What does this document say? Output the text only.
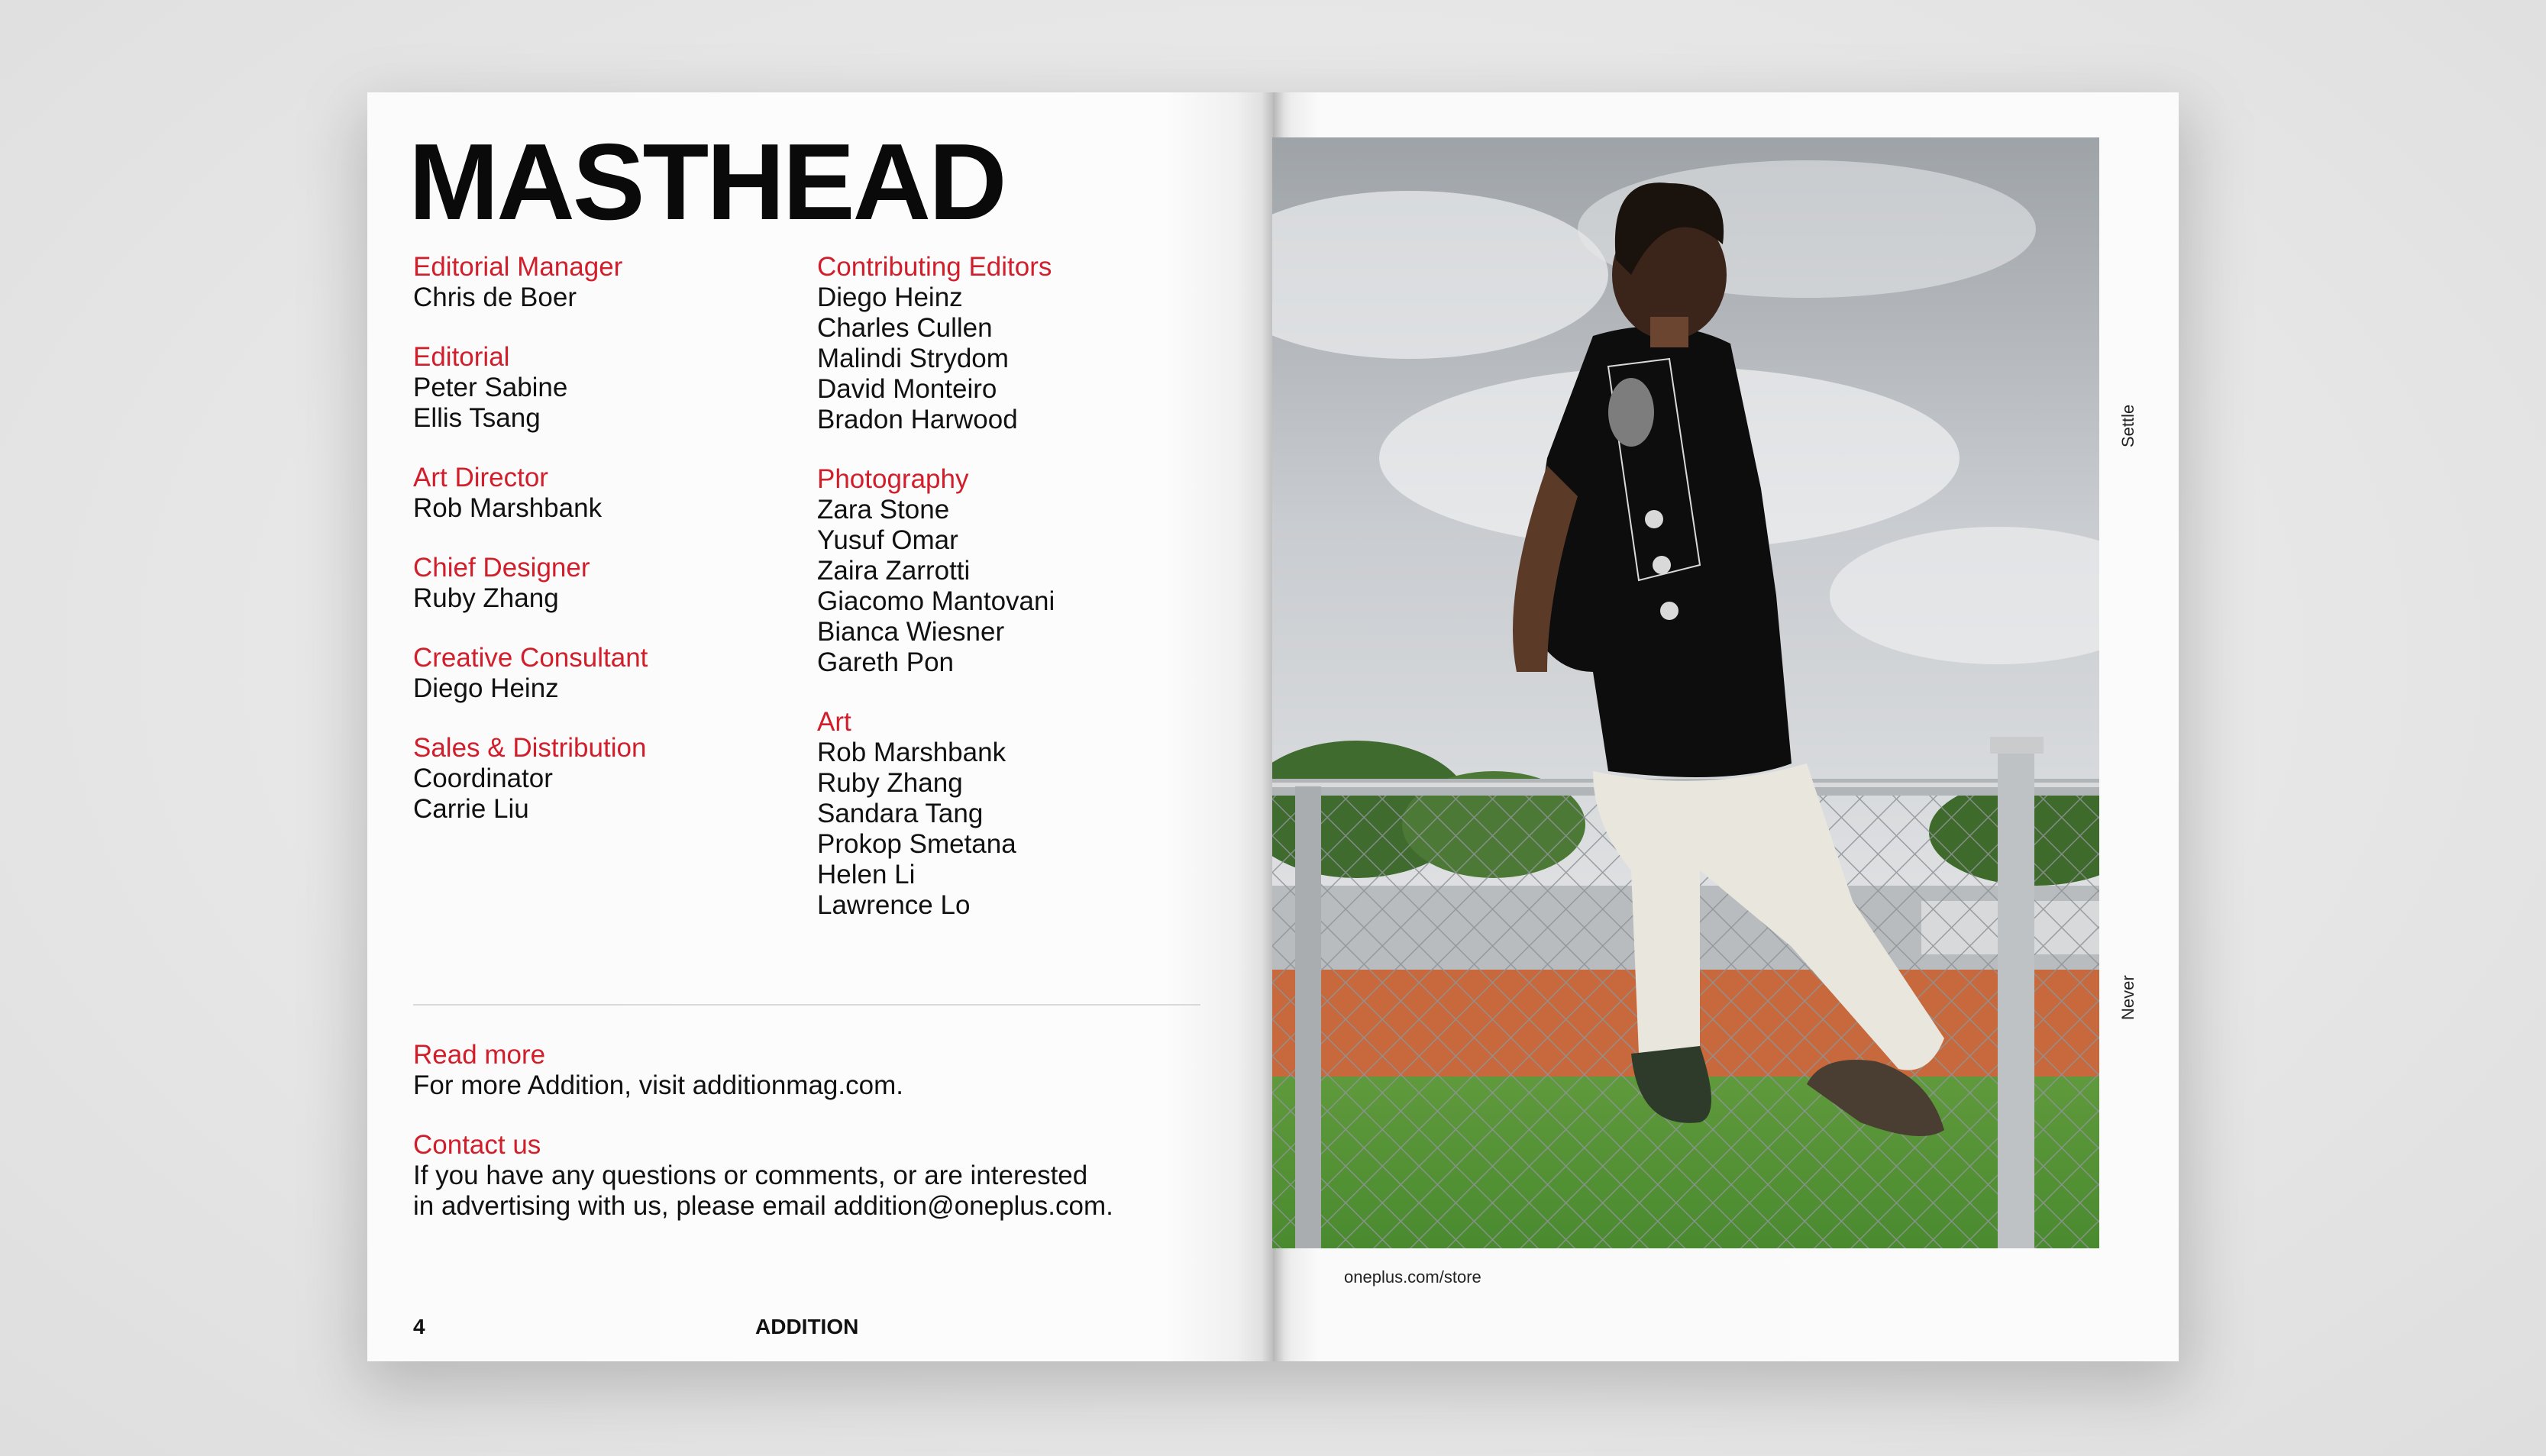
MASTHEAD
Editorial Manager
Chris de Boer
Editorial
Peter Sabine
Ellis Tsang
Art Director
Rob Marshbank
Chief Designer
Ruby Zhang
Creative Consultant
Diego Heinz
Sales & Distribution
Coordinator
Carrie Liu
Contributing Editors
Diego Heinz
Charles Cullen
Malindi Strydom
David Monteiro
Bradon Harwood
Photography
Zara Stone
Yusuf Omar
Zaira Zarrotti
Giacomo Mantovani
Bianca Wiesner
Gareth Pon
Art
Rob Marshbank
Ruby Zhang
Sandara Tang
Prokop Smetana
Helen Li
Lawrence Lo
Read more
For more Addition, visit additionmag.com.
Contact us
If you have any questions or comments, or are interested
in advertising with us, please email addition@oneplus.com.
4	ADDITION
oneplus.com/store
Settle
Never
